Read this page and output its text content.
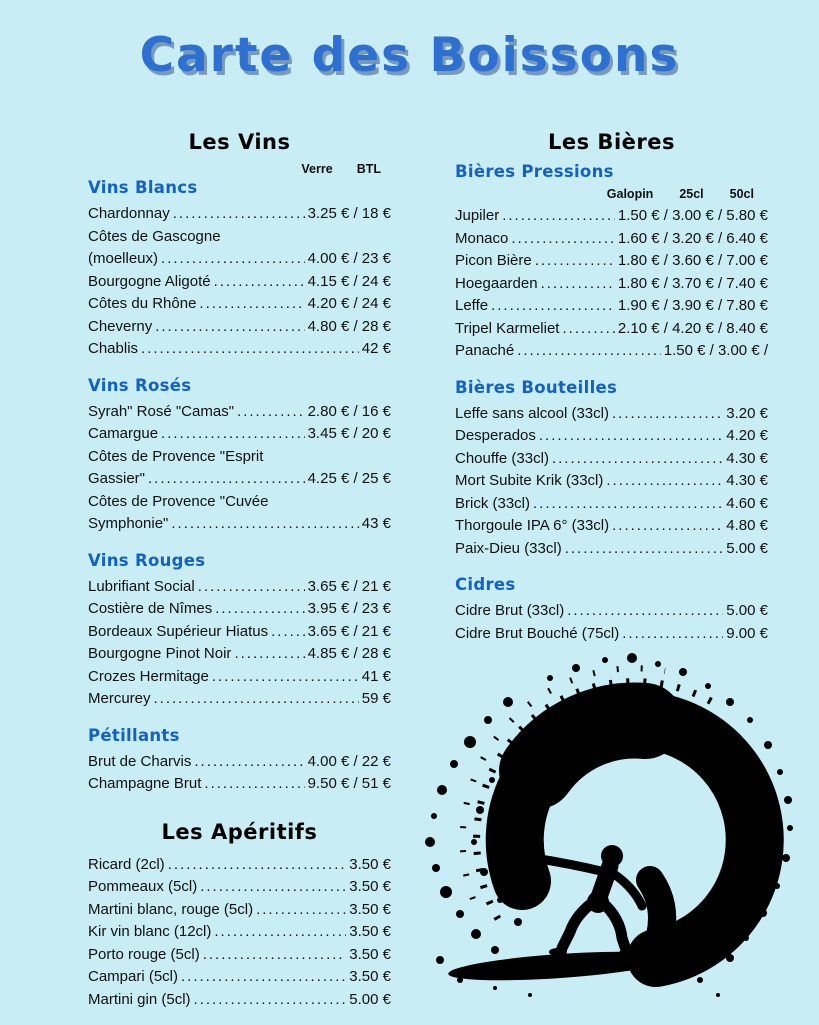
Carte des Boissons
Les Vins
Verre BTL
Vins Blancs
Chardonnay .....	3.25 € / 18 €
Côtes de Gascogne
(moelleux) .....	4.00 € / 23 €
Bourgogne Aligoté .....	4.15 € / 24 €
Côtes du Rhône .....	4.20 € / 24 €
Cheverny .....	4.80 € / 28 €
Chablis .....	42 €
Vins Rosés
Syrah" Rosé "Camas" .....	2.80 € / 16 €
Camargue .....	3.45 € / 20 €
Côtes de Provence "Esprit
Gassier" .....	4.25 € / 25 €
Côtes de Provence "Cuvée
Symphonie" .....	43 €
Vins Rouges
Lubrifiant Social .....	3.65 € / 21 €
Costière de Nîmes .....	3.95 € / 23 €
Bordeaux Supérieur Hiatus .....	3.65 € / 21 €
Bourgogne Pinot Noir .....	4.85 € / 28 €
Crozes Hermitage .....	41 €
Mercurey .....	59 €
Pétillants
Brut de Charvis .....	4.00 € / 22 €
Champagne Brut .....	9.50 € / 51 €
Les Apéritifs
Ricard (2cl) .....	3.50 €
Pommeaux (5cl) .....	3.50 €
Martini blanc, rouge (5cl) .....	3.50 €
Kir vin blanc (12cl) .....	3.50 €
Porto rouge (5cl) .....	3.50 €
Campari (5cl) .....	3.50 €
Martini gin (5cl) .....	5.00 €
Les Bières
Bières Pressions
Galopin 25cl 50cl
Jupiler .....	1.50 € / 3.00 € / 5.80 €
Monaco .....	1.60 € / 3.20 € / 6.40 €
Picon Bière .....	1.80 € / 3.60 € / 7.00 €
Hoegaarden .....	1.80 € / 3.70 € / 7.40 €
Leffe .....	1.90 € / 3.90 € / 7.80 €
Tripel Karmeliet .....	2.10 € / 4.20 € / 8.40 €
Panaché .....	1.50 € / 3.00 € /
Bières Bouteilles
Leffe sans alcool (33cl) .....	3.20 €
Desperados .....	4.20 €
Chouffe (33cl) .....	4.30 €
Mort Subite Krik (33cl) .....	4.30 €
Brick (33cl) .....	4.60 €
Thorgoule IPA 6° (33cl) .....	4.80 €
Paix-Dieu (33cl) .....	5.00 €
Cidres
Cidre Brut (33cl) .....	5.00 €
Cidre Brut Bouché (75cl) .....	9.00 €
